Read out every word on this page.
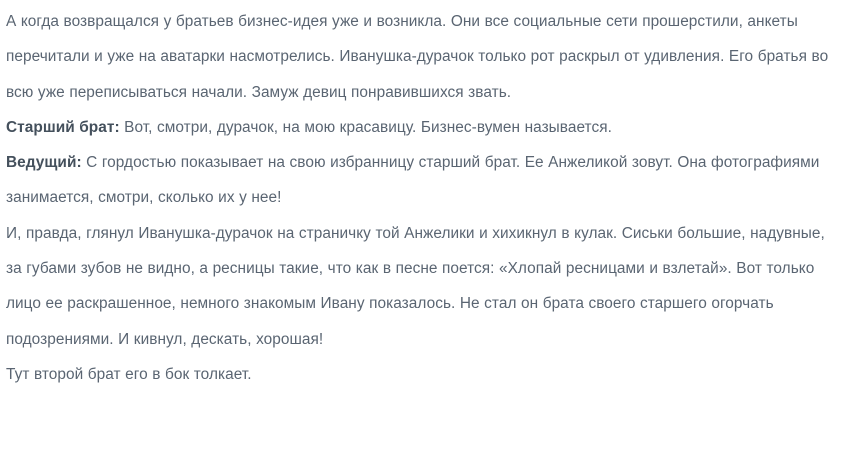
А когда возвращался у братьев бизнес-идея уже и возникла. Они все социальные сети прошерстили, анкеты перечитали и уже на аватарки насмотрелись. Иванушка-дурачок только рот раскрыл от удивления. Его братья во всю уже переписываться начали. Замуж девиц понравившихся звать.

Старший брат: Вот, смотри, дурачок, на мою красавицу. Бизнес-вумен называется.

Ведущий: С гордостью показывает на свою избранницу старший брат. Ее Анжеликой зовут. Она фотографиями занимается, смотри, сколько их у нее!

И, правда, глянул Иванушка-дурачок на страничку той Анжелики и хихикнул в кулак. Сиськи большие, надувные, за губами зубов не видно, а ресницы такие, что как в песне поется: «Хлопай ресницами и взлетай». Вот только лицо ее раскрашенное, немного знакомым Ивану показалось. Не стал он брата своего старшего огорчать подозрениями. И кивнул, дескать, хорошая!

Тут второй брат его в бок толкает.
